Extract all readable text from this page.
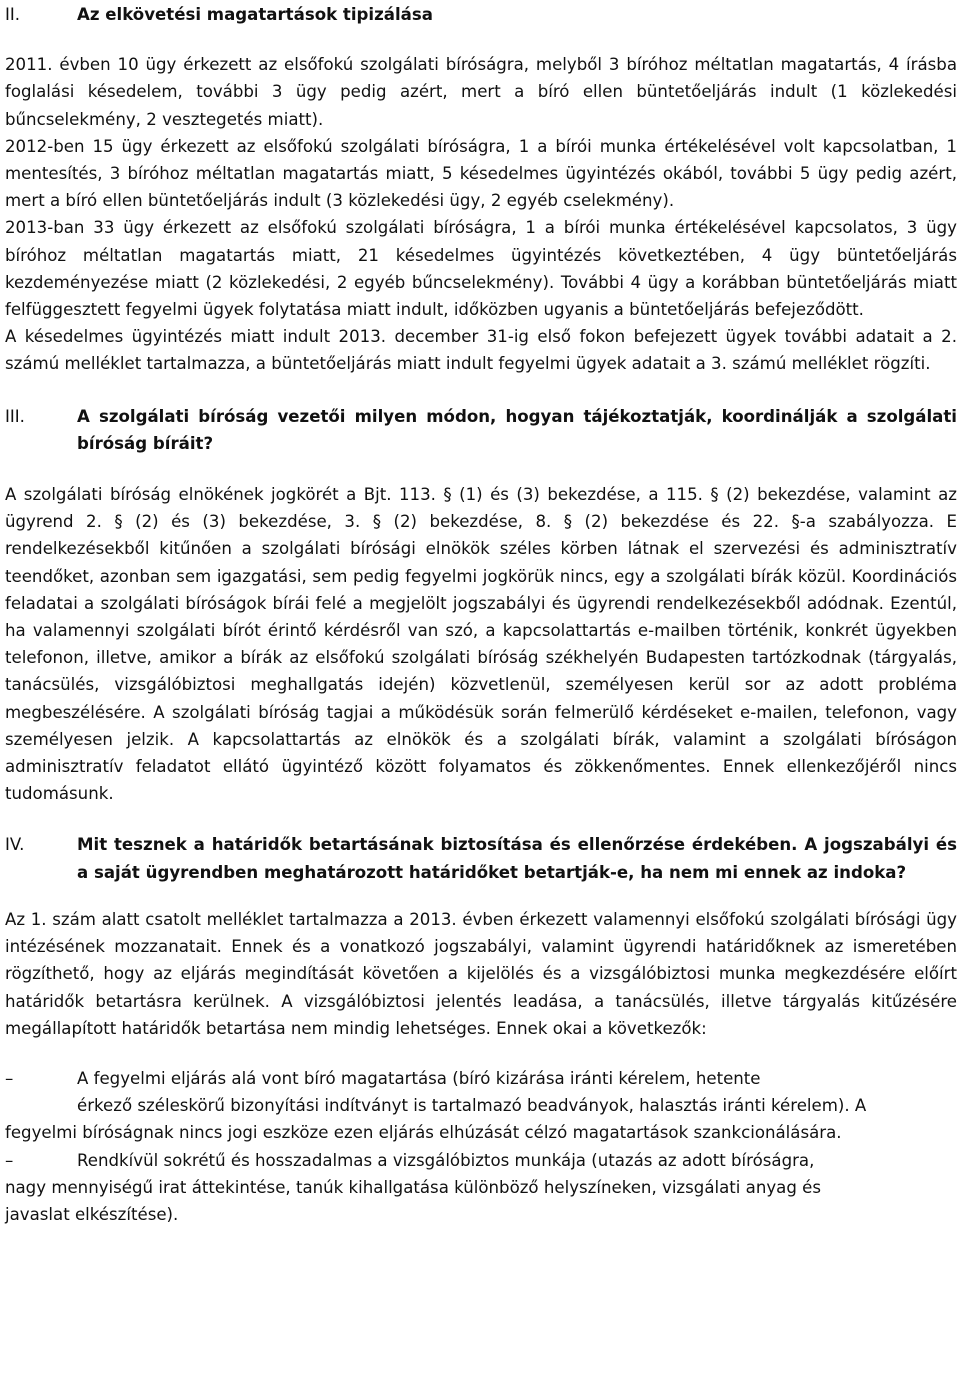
II.	Az elkövetési magatartások tipizálása

2011. évben 10 ügy érkezett az elsőfokú szolgálati bíróságra, melyből 3 bíróhoz méltatlan magatartás, 4 írásba foglalási késedelem, további 3 ügy pedig azért, mert a bíró ellen büntetőeljárás indult (1 közlekedési bűncselekmény, 2 vesztegetés miatt).

2012-ben 15 ügy érkezett az elsőfokú szolgálati bíróságra, 1 a bírói munka értékelésével volt kapcsolatban, 1 mentesítés, 3 bíróhoz méltatlan magatartás miatt, 5 késedelmes ügyintézés okából, további 5 ügy pedig azért, mert a bíró ellen büntetőeljárás indult (3 közlekedési ügy, 2 egyéb cselekmény).

2013-ban 33 ügy érkezett az elsőfokú szolgálati bíróságra, 1 a bírói munka értékelésével kapcsolatos, 3 ügy bíróhoz méltatlan magatartás miatt, 21 késedelmes ügyintézés következtében, 4 ügy büntetőeljárás kezdeményezése miatt (2 közlekedési, 2 egyéb bűncselekmény). További 4 ügy a korábban büntetőeljárás miatt felfüggesztett fegyelmi ügyek folytatása miatt indult, időközben ugyanis a büntetőeljárás befejeződött.

A késedelmes ügyintézés miatt indult 2013. december 31-ig első fokon befejezett ügyek további adatait a 2. számú melléklet tartalmazza, a büntetőeljárás miatt indult fegyelmi ügyek adatait a 3. számú melléklet rögzíti.

III.	A szolgálati bíróság vezetői milyen módon, hogyan tájékoztatják, koordinálják a szolgálati bíróság bíráit?

A szolgálati bíróság elnökének jogkörét a Bjt. 113. § (1) és (3) bekezdése, a 115. § (2) bekezdése, valamint az ügyrend 2. § (2) és (3) bekezdése, 3. § (2) bekezdése, 8. § (2) bekezdése és 22. §-a szabályozza. E rendelkezésekből kitűnően a szolgálati bírósági elnökök széles körben látnak el szervezési és adminisztratív teendőket, azonban sem igazgatási, sem pedig fegyelmi jogkörük nincs, egy a szolgálati bírák közül. Koordinációs feladatai a szolgálati bíróságok bírái felé a megjelölt jogszabályi és ügyrendi rendelkezésekből adódnak. Ezentúl, ha valamennyi szolgálati bírót érintő kérdésről van szó, a kapcsolattartás e-mailben történik, konkrét ügyekben telefonon, illetve, amikor a bírák az elsőfokú szolgálati bíróság székhelyén Budapesten tartózkodnak (tárgyalás, tanácsülés, vizsgálóbiztosi meghallgatás idején) közvetlenül, személyesen kerül sor az adott probléma megbeszélésére. A szolgálati bíróság tagjai a működésük során felmerülő kérdéseket e-mailen, telefonon, vagy személyesen jelzik. A kapcsolattartás az elnökök és a szolgálati bírák, valamint a szolgálati bíróságon adminisztratív feladatot ellátó ügyintéző között folyamatos és zökkenőmentes. Ennek ellenkezőjéről nincs tudomásunk.

IV.	Mit tesznek a határidők betartásának biztosítása és ellenőrzése érdekében. A jogszabályi és a saját ügyrendben meghatározott határidőket betartják-e, ha nem mi ennek az indoka?

Az 1. szám alatt csatolt melléklet tartalmazza a 2013. évben érkezett valamennyi elsőfokú szolgálati bírósági ügy intézésének mozzanatait. Ennek és a vonatkozó jogszabályi, valamint ügyrendi határidőknek az ismeretében rögzíthető, hogy az eljárás megindítását követően a kijelölés és a vizsgálóbiztosi munka megkezdésére előírt határidők betartásra kerülnek. A vizsgálóbiztosi jelentés leadása, a tanácsülés, illetve tárgyalás kitűzésére megállapított határidők betartása nem mindig lehetséges. Ennek okai a következők:

–	A fegyelmi eljárás alá vont bíró magatartása (bíró kizárása iránti kérelem, hetente
érkező széleskörű bizonyítási indítványt is tartalmazó beadványok, halasztás iránti kérelem). A
fegyelmi bíróságnak nincs jogi eszköze ezen eljárás elhúzását célzó magatartások szankcionálására.
–	Rendkívül sokrétű és hosszadalmas a vizsgálóbiztos munkája (utazás az adott bíróságra,
nagy mennyiségű irat áttekintése, tanúk kihallgatása különböző helyszíneken, vizsgálati anyag és
javaslat elkészítése).
